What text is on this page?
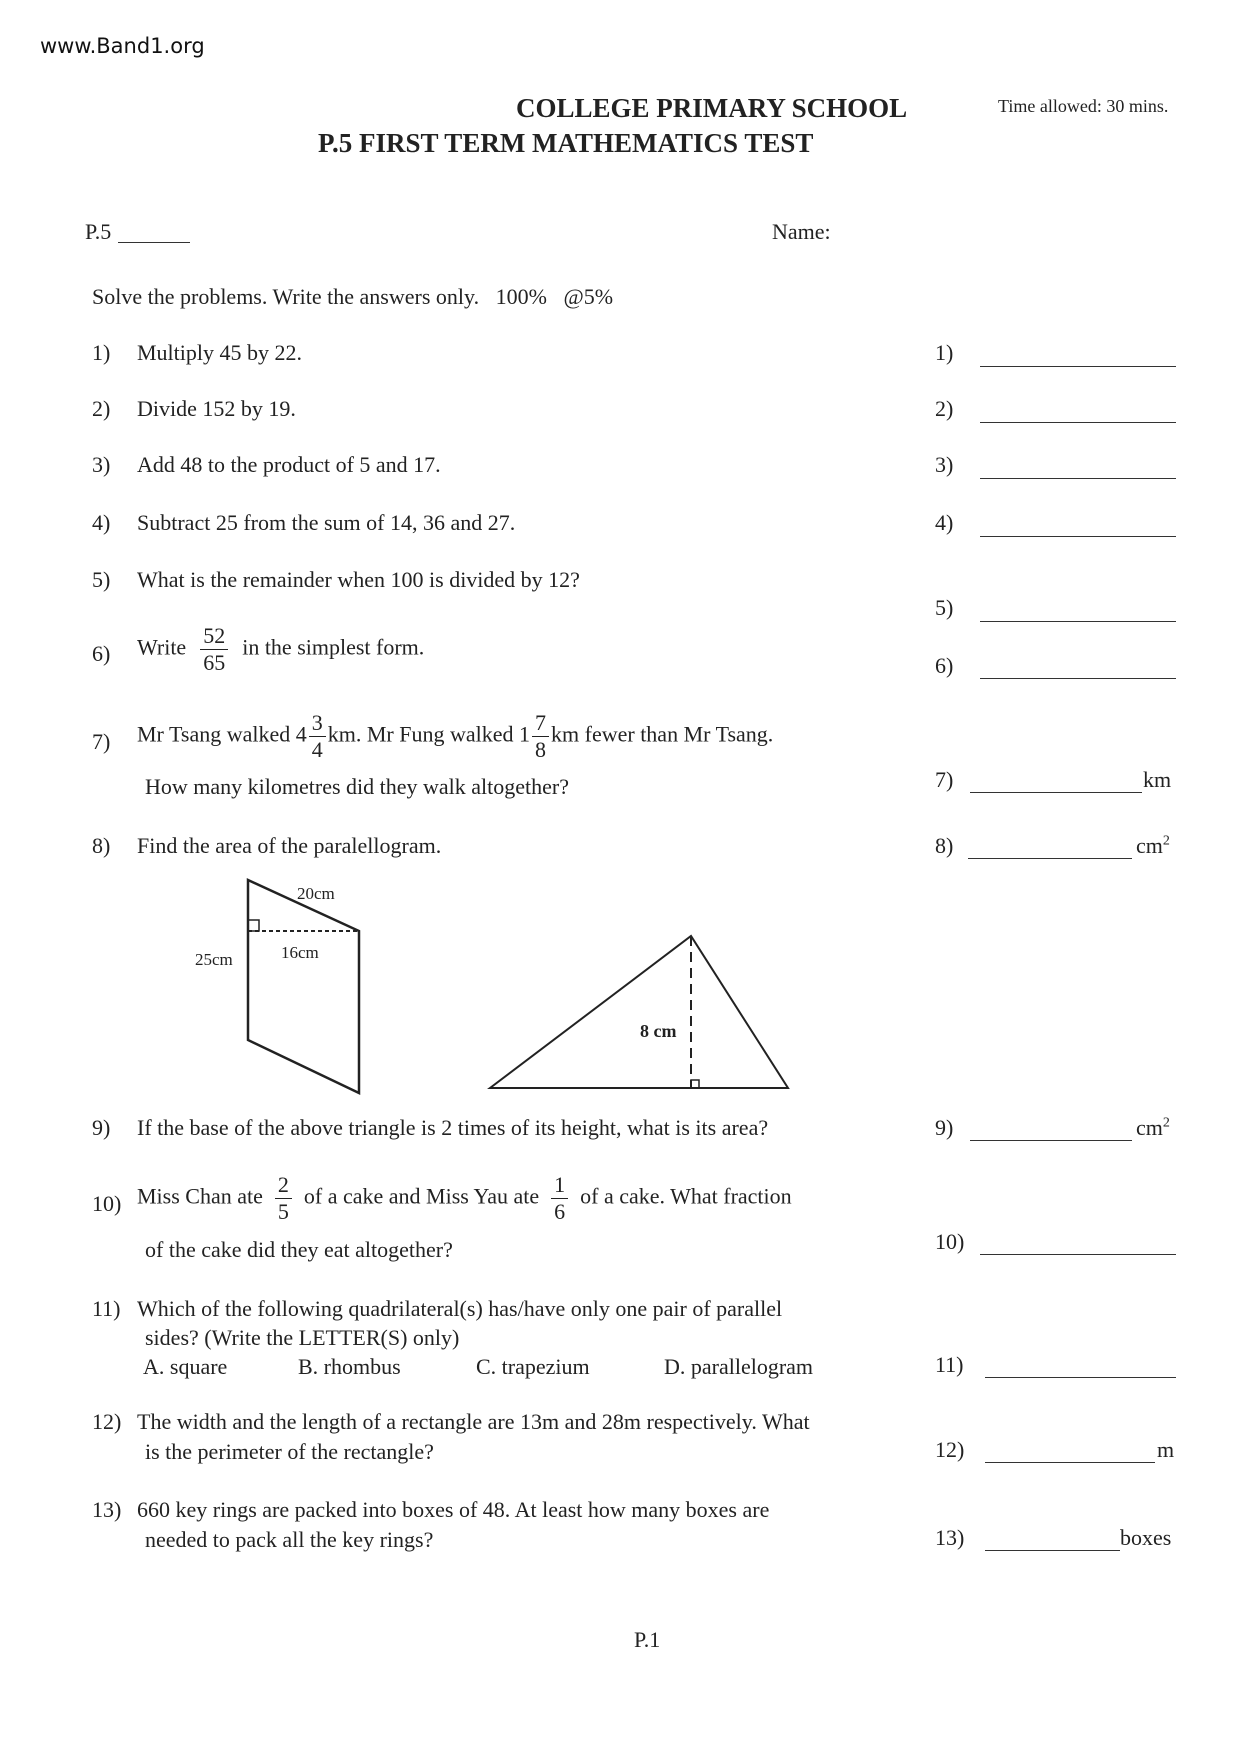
www.Band1.org
COLLEGE PRIMARY SCHOOL
P.5 FIRST TERM MATHEMATICS TEST
Time allowed: 30 mins.
P.5	Name:
Solve the problems. Write the answers only. 100% @5%
1) Multiply 45 by 22.	1)
2) Divide 152 by 19.	2)
3) Add 48 to the product of 5 and 17.	3)
4) Subtract 25 from the sum of 14, 36 and 27.	4)
5) What is the remainder when 100 is divided by 12?
5)
6) Write $\frac{52}{65}$ in the simplest form.
6)
7) Mr Tsang walked $4 \frac{3}{4}$ km. Mr Fung walked $1 \frac{7}{8}$ km fewer than Mr Tsang.
How many kilometres did they walk altogether?	7)	km
8) Find the area of the paralellogram.	8)	$cm^2$
20cm
16cm
25cm
8 cm
9) If the base of the above triangle is 2 times of its height, what is its area?	9)	$cm^2$
10) Miss Chan ate $\frac{2}{5}$ of a cake and Miss Yau ate $\frac{1}{6}$ of a cake. What fraction
of the cake did they eat altogether?	10)
11) Which of the following quadrilateral(s) has/have only one pair of parallel
sides? (Write the LETTER(S) only)
A. square	B. rhombus	C. trapezium	D. parallelogram	11)
12) The width and the length of a rectangle are 13m and 28m respectively. What
is the perimeter of the rectangle?	12)	m
13) 660 key rings are packed into boxes of 48. At least how many boxes are
needed to pack all the key rings?	13)	boxes
P.1
